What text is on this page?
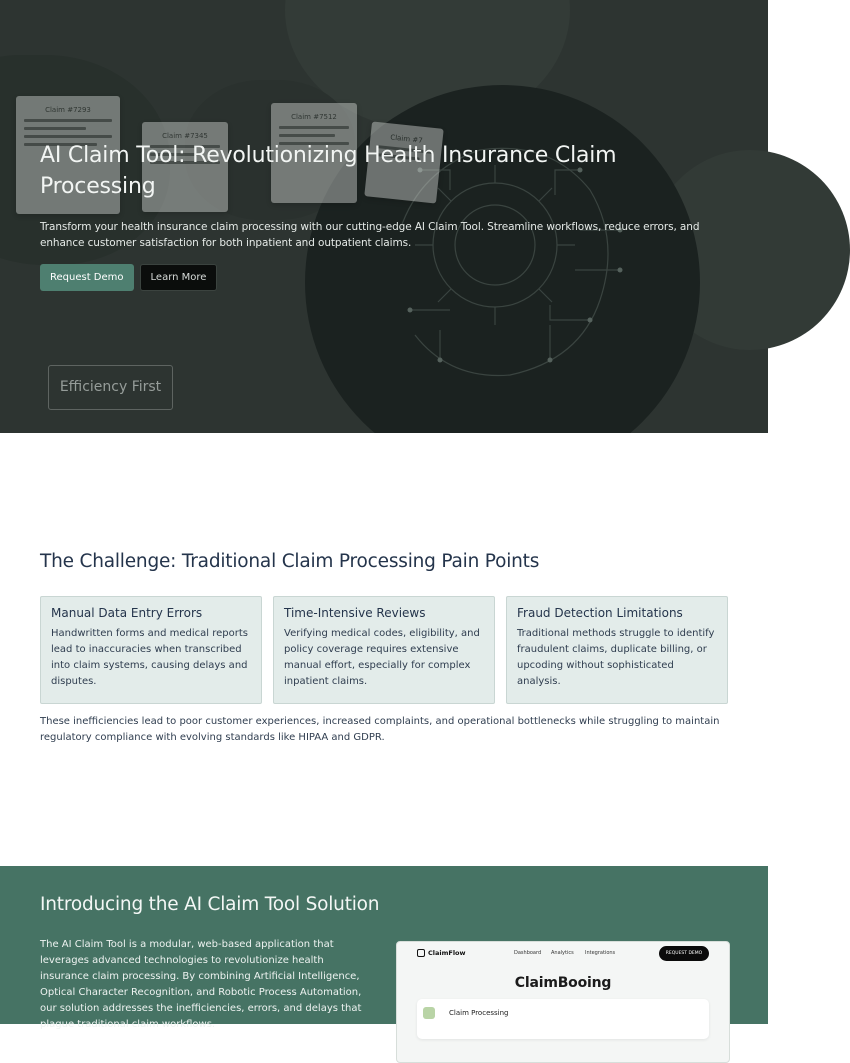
Claim #7293
Claim #7345
Claim #7512
Claim #7
AI Claim Tool: Revolutionizing Health Insurance Claim Processing
Transform your health insurance claim processing with our cutting-edge AI Claim Tool. Streamline workflows, reduce errors, and enhance customer satisfaction for both inpatient and outpatient claims.
Request Demo	Learn More
Efficiency First
The Challenge: Traditional Claim Processing Pain Points
Manual Data Entry Errors
Handwritten forms and medical reports lead to inaccuracies when transcribed into claim systems, causing delays and disputes.
Time-Intensive Reviews
Verifying medical codes, eligibility, and policy coverage requires extensive manual effort, especially for complex inpatient claims.
Fraud Detection Limitations
Traditional methods struggle to identify fraudulent claims, duplicate billing, or upcoding without sophisticated analysis.
These inefficiencies lead to poor customer experiences, increased complaints, and operational bottlenecks while struggling to maintain regulatory compliance with evolving standards like HIPAA and GDPR.
Introducing the AI Claim Tool Solution
The AI Claim Tool is a modular, web-based application that leverages advanced technologies to revolutionize health insurance claim processing. By combining Artificial Intelligence, Optical Character Recognition, and Robotic Process Automation, our solution addresses the inefficiencies, errors, and delays that plague traditional claim workflows.
ClaimFlow	Dashboard Analytics Integrations	REQUEST DEMO
ClaimBooing
Claim Processing
